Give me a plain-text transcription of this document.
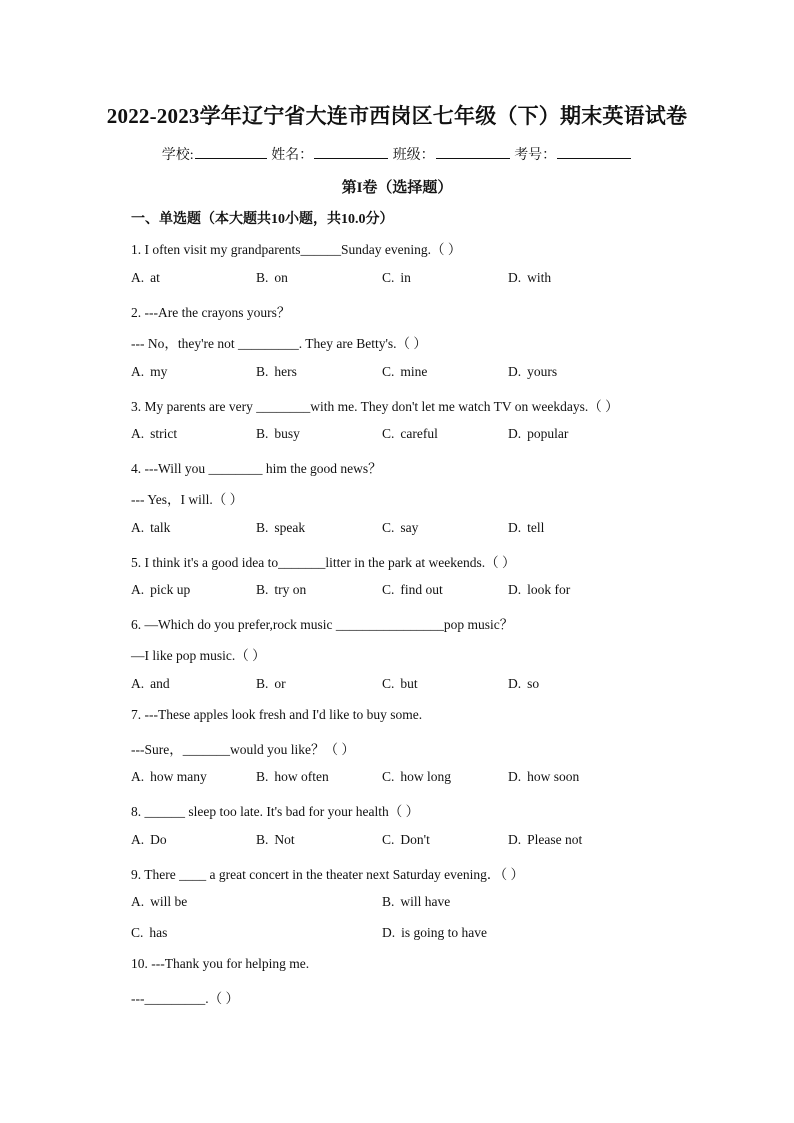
2022-2023学年辽宁省大连市西岗区七年级（下）期末英语试卷
学校:	姓名：	班级：	考号：
第I卷（选择题）
一、单选题（本大题共10小题，共10.0分）
1. I often visit my grandparents______Sunday evening.（ ）
A. at	B. on	C. in	D. with
2. ---Are the crayons yours？
--- No，they're not _________. They are Betty's.（ ）
A. my	B. hers	C. mine	D. yours
3. My parents are very ________with me. They don't let me watch TV on weekdays.（ ）
A. strict	B. busy	C. careful	D. popular
4. ---Will you ________ him the good news？
--- Yes，I will.（ ）
A. talk	B. speak	C. say	D. tell
5. I think it's a good idea to_______litter in the park at weekends.（ ）
A. pick up	B. try on	C. find out	D. look for
6. —Which do you prefer,rock music ________________pop music？
—I like pop music.（ ）
A. and	B. or	C. but	D. so
7. ---These apples look fresh and I'd like to buy some.
---Sure，_______would you like？（ ）
A. how many	B. how often	C. how long	D. how soon
8. ______ sleep too late. It's bad for your health（ ）
A. Do	B. Not	C. Don't	D. Please not
9. There ____ a great concert in the theater next Saturday evening．（ ）
A. will be	B. will have
C. has	D. is going to have
10. ---Thank you for helping me.
---_________.（ ）
